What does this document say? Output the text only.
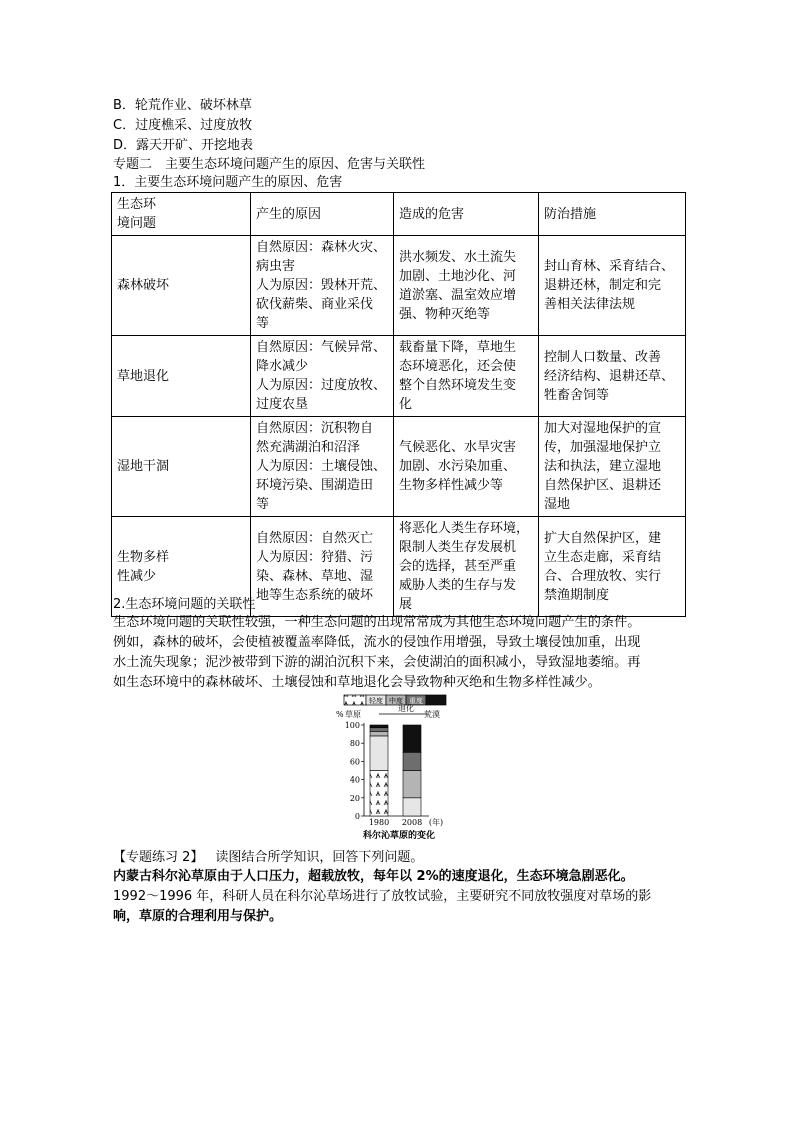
B．轮荒作业、破坏林草
C．过度樵采、过度放牧
D．露天开矿、开挖地表
专题二　主要生态环境问题产生的原因、危害与关联性
1．主要生态环境问题产生的原因、危害
生态环
境问题	产生的原因	造成的危害	防治措施

森林破坏	自然原因：森林火灾、
病虫害
人为原因：毁林开荒、
砍伐薪柴、商业采伐
等	洪水频发、水土流失
加剧、土地沙化、河
道淤塞、温室效应增
强、物种灭绝等	封山育林、采育结合、
退耕还林，制定和完
善相关法律法规

草地退化	自然原因：气候异常、
降水减少
人为原因：过度放牧、
过度农垦	载畜量下降，草地生
态环境恶化，还会使
整个自然环境发生变
化	控制人口数量、改善
经济结构、退耕还草、
牲畜舍饲等

湿地干涸	自然原因：沉积物自
然充满湖泊和沼泽
人为原因：土壤侵蚀、
环境污染、围湖造田
等	气候恶化、水旱灾害
加剧、水污染加重、
生物多样性减少等	加大对湿地保护的宣
传，加强湿地保护立
法和执法，建立湿地
自然保护区、退耕还
湿地

生物多样
性减少	自然原因：自然灭亡
人为原因：狩猎、污
染、森林、草地、湿
地等生态系统的破坏	将恶化人类生存环境，
限制人类生存发展机
会的选择，甚至严重
威胁人类的生存与发
展	扩大自然保护区，建
立生态走廊，采育结
合、合理放牧、实行
禁渔期制度
2.生态环境问题的关联性
生态环境问题的关联性较强，一种生态问题的出现常常成为其他生态环境问题产生的条件。
例如，森林的破坏，会使植被覆盖率降低，流水的侵蚀作用增强，导致土壤侵蚀加重，出现
水土流失现象；泥沙被带到下游的湖泊沉积下来，会使湖泊的面积减小，导致湿地萎缩。再
如生态环境中的森林破坏、土壤侵蚀和草地退化会导致物种灭绝和生物多样性减少。
轻度 中度 重度
% 草原
退化
荒漠
0
20
40
60
80
100
1980 2008 (年)
科尔沁草原的变化
【专题练习 2】 读图结合所学知识，回答下列问题。
内蒙古科尔沁草原由于人口压力，超载放牧，每年以 2%的速度退化，生态环境急剧恶化。
1992～1996 年，科研人员在科尔沁草场进行了放牧试验，主要研究不同放牧强度对草场的影
响，草原的合理利用与保护。
